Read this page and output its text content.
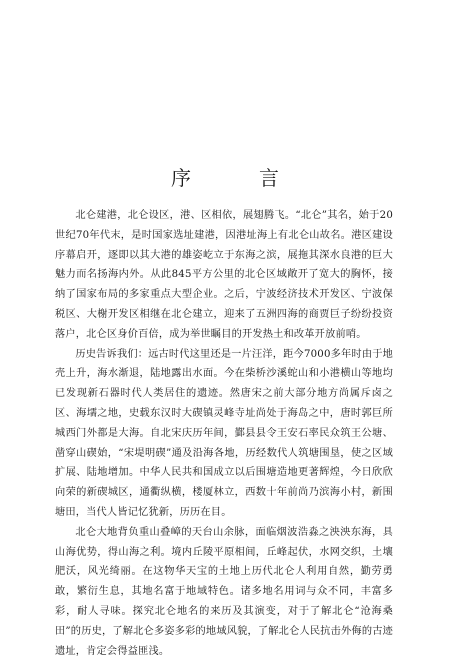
序　言

北仑建港，北仑设区，港、区相依，展翅腾飞。“北仑”其名，始于20世纪70年代末，是时国家选址建港，因港址海上有北仑山故名。港区建设序幕启开，逐即以其大港的雄姿屹立于东海之滨，展拖其深水良港的巨大魅力而名扬海内外。从此845平方公里的北仑区域敞开了宽大的胸怀，接纳了国家布局的多家重点大型企业。之后，宁波经济技术开发区、宁波保税区、大榭开发区相继在北仑建立，迎来了五洲四海的商贾巨子纷纷投资落户，北仑区身价百倍，成为举世瞩目的开发热土和改革开放前哨。

历史告诉我们：远古时代这里还是一片汪洋，距今7000多年时由于地壳上升，海水渐退，陆地露出水面。今在柴桥沙溪蛇山和小港横山等地均已发现新石器时代人类居住的遗迹。然唐宋之前大部分地方尚属斥卤之区、海壖之地，史载东汉时大碶镇灵峰寺址尚处于海岛之中，唐时郭巨所城西门外都是大海。自北宋庆历年间，鄞县县令王安石率民众筑王公塘、凿穿山碶始，“宋堤明碶”通及沿海各地，历经数代人筑塘围垦，使之区域扩展、陆地增加。中华人民共和国成立以后围塘造地更著辉煌，今日欣欣向荣的新碶城区，通衢纵横，楼厦林立，西数十年前尚乃滨海小村，新围塘田，当代人皆记忆犹新，历历在目。

北仑大地背负重山叠嶂的天台山余脉，面临烟波浩淼之泱泱东海，具山海优势，得山海之利。境内丘陵平原相间，丘峰起伏，水网交织，土壤肥沃，风光绮丽。在这物华天宝的土地上历代北仑人利用自然，勤劳勇敢，繁衍生息，其地名富于地域特色。诸多地名用词与众不同，丰富多彩，耐人寻味。探究北仑地名的来历及其演变，对于了解北仑“沧海桑田”的历史，了解北仑多姿多彩的地域风貌，了解北仑人民抗击外侮的古迹遗址，肯定会得益匪浅。
